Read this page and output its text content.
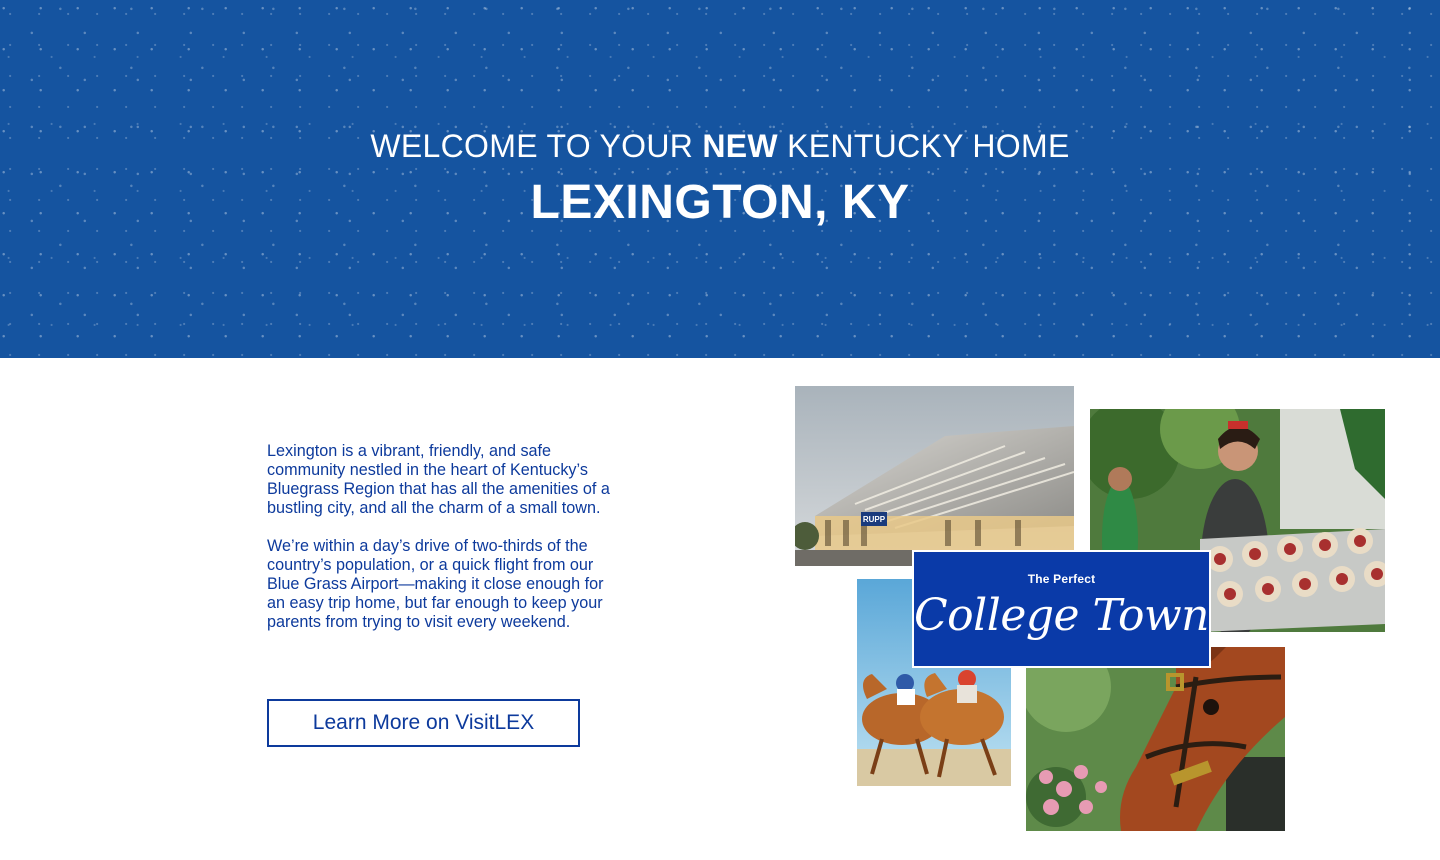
WELCOME TO YOUR NEW KENTUCKY HOME
LEXINGTON, KY

Lexington is a vibrant, friendly, and safe community nestled in the heart of Kentucky’s Bluegrass Region that has all the amenities of a bustling city, and all the charm of a small town.

We’re within a day’s drive of two-thirds of the country’s population, or a quick flight from our Blue Grass Airport—making it close enough for an easy trip home, but far enough to keep your parents from trying to visit every weekend.

Learn More on VisitLEX
RUPP
The Perfect
College Town
